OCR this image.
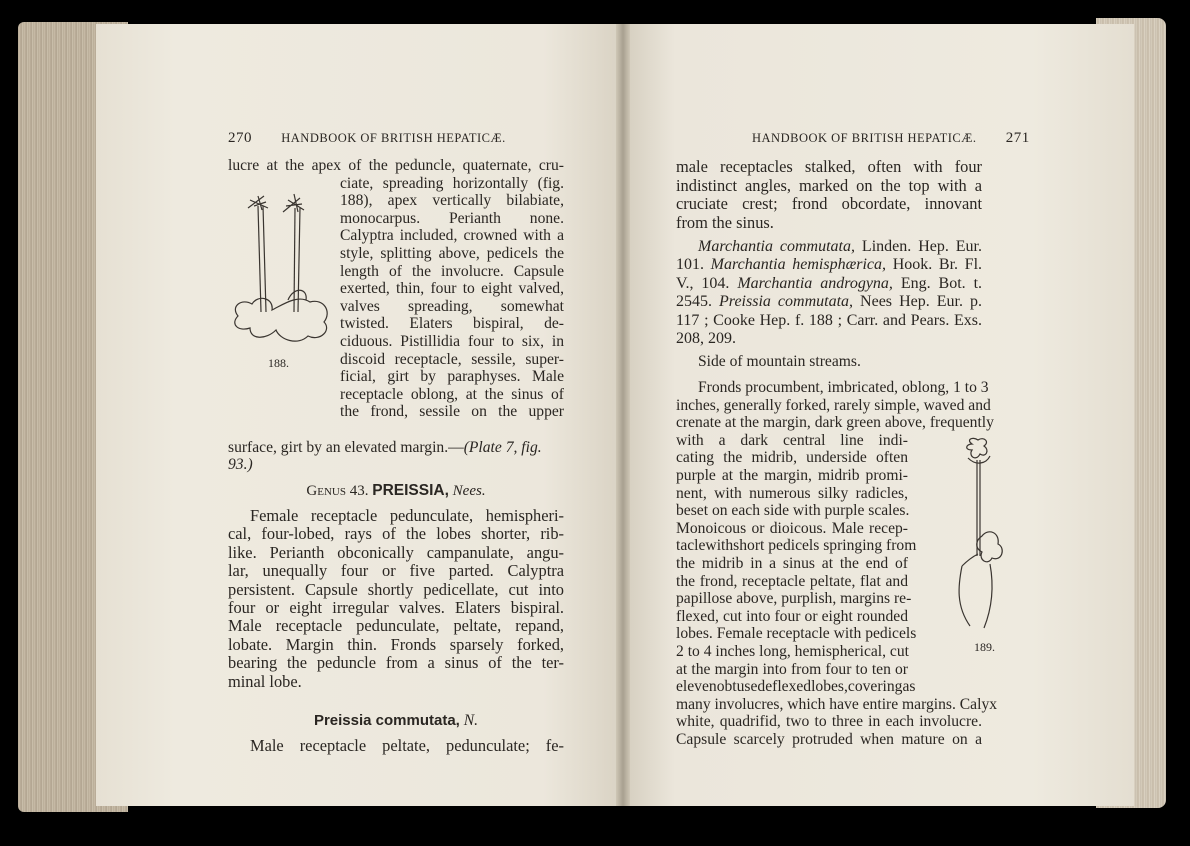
270 HANDBOOK OF BRITISH HEPATICÆ.
lucre at the apex of the peduncle, quaternate, cru-
ciate, spreading horizontally (fig.
188), apex vertically bilabiate,
monocarpus. Perianth none.
Calyptra included, crowned with a
style, splitting above, pedicels the
length of the involucre. Capsule
exerted, thin, four to eight valved,
valves spreading, somewhat
twisted. Elaters bispiral, de-
ciduous. Pistillidia four to six, in
discoid receptacle, sessile, super-
ficial, girt by paraphyses. Male
receptacle oblong, at the sinus of
the frond, sessile on the upper
surface, girt by an elevated margin.—(Plate 7, fig.
93.)
188.
Genus 43. PREISSIA, Nees.
Female receptacle pedunculate, hemispheri-
cal, four-lobed, rays of the lobes shorter, rib-
like. Perianth obconically campanulate, angu-
lar, unequally four or five parted. Calyptra
persistent. Capsule shortly pedicellate, cut into
four or eight irregular valves. Elaters bispiral.
Male receptacle pedunculate, peltate, repand,
lobate. Margin thin. Fronds sparsely forked,
bearing the peduncle from a sinus of the ter-
minal lobe.
Preissia commutata, N.
Male receptacle peltate, pedunculate; fe-
HANDBOOK OF BRITISH HEPATICÆ. 271
male receptacles stalked, often with four
indistinct angles, marked on the top with a
cruciate crest; frond obcordate, innovant
from the sinus.
Marchantia commutata, Linden. Hep. Eur. 101. Marchantia hemisphærica, Hook. Br. Fl. V., 104. Marchantia androgyna, Eng. Bot. t. 2545. Preissia commutata, Nees Hep. Eur. p. 117 ; Cooke Hep. f. 188 ; Carr. and Pears. Exs. 208, 209.
Side of mountain streams.
Fronds procumbent, imbricated, oblong, 1 to 3
inches, generally forked, rarely simple, waved and
crenate at the margin, dark green above, frequently
with a dark central line indi-
cating the midrib, underside often
purple at the margin, midrib promi-
nent, with numerous silky radicles,
beset on each side with purple scales.
Monoicous or dioicous. Male recep-
taclewithshort pedicels springing from
the midrib in a sinus at the end of
the frond, receptacle peltate, flat and
papillose above, purplish, margins re-
flexed, cut into four or eight rounded
lobes. Female receptacle with pedicels
2 to 4 inches long, hemispherical, cut
at the margin into from four to ten or
elevenobtusedeflexedlobes,coveringas
many involucres, which have entire margins. Calyx
white, quadrifid, two to three in each involucre.
Capsule scarcely protruded when mature on a
189.
